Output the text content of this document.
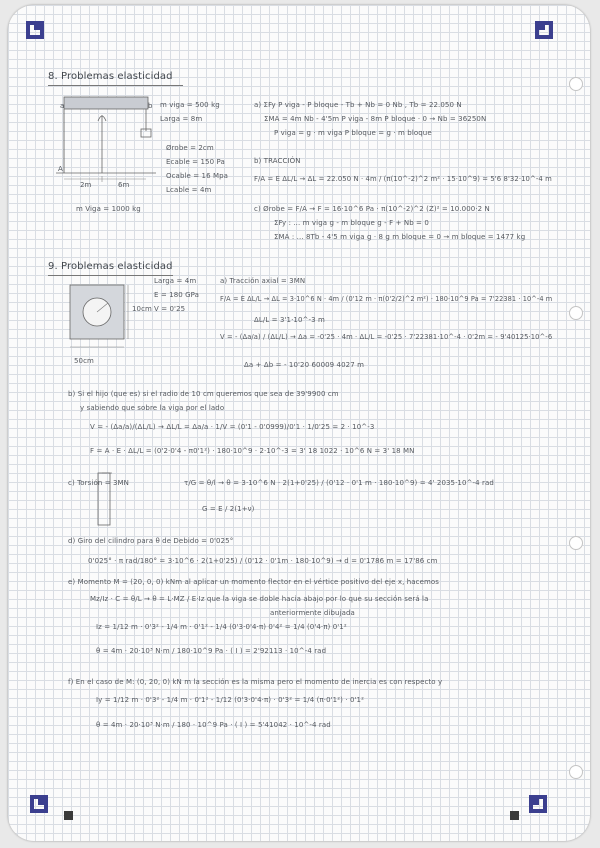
8. Problemas elasticidad
a	b
A
2m	6m
m Viga = 1000 kg
m viga = 500 kg
Larga = 8m
Ørobe = 2cm
Ecable = 150 Pa
Ocable = 16 Mpa
Lcable = 4m
a) ΣFy P viga - P bloque - Tb + Nb = 0 Nb , Tb = 22.050 N
ΣMA = 4m Nb - 4'5m P viga - 8m P bloque · 0 → Nb = 36250N
P viga = g · m viga P bloque = g · m bloque
b) TRACCIÓN
F/A = E ΔL/L → ΔL = 22.050 N · 4m / (π(10^-2)^2 m² · 15·10^9) = 5'6 8'32·10^-4 m
c) Ørobe = F/A → F = 16·10^6 Pa · π(10^-2)^2 (Z)² = 10.000·2 N
ΣFy : ... m viga g - m bloque g - F + Nb = 0
ΣMA : ... 8Tb - 4'5 m viga g · 8 g m bloque = 0 → m bloque = 1477 kg
9. Problemas elasticidad
10cm
50cm
Larga = 4m
E = 180 GPa
V = 0'25
a) Tracción axial = 3MN
F/A = E ΔL/L → ΔL = 3·10^6 N · 4m / (0'12 m · π(0'2/2)^2 m²) · 180·10^9 Pa = 7'22381 · 10^-4 m
ΔL/L = 3'1·10^-3 m
V = - (Δa/a) / (ΔL/L) → Δa = -0'25 · 4m · ΔL/L = -0'25 · 7'22381·10^-4 · 0'2m = - 9'40125·10^-6
Δa + Δb = - 10'20 60009 4027 m
b) Si el hijo (que es) si el radio de 10 cm queremos que sea de 39'9900 cm
y sabiendo que sobre la viga por el lado
V = - (Δa/a)/(ΔL/L) → ΔL/L = Δa/a · 1/V = (0'1 - 0'0999)/0'1 · 1/0'25 = 2 · 10^-3
F = A · E · ΔL/L = (0'2·0'4 - π0'1²) · 180·10^9 · 2·10^-3 = 3' 18 1022 · 10^6 N = 3' 18 MN
c) Torsión = 3MN	τ/G = θ/l → θ = 3·10^6 N · 2(1+0'25) / (0'12 · 0'1 m · 180·10^9) = 4' 2035·10^-4 rad
G = E / 2(1+ν)
d) Giro del cilindro para θ de Debido = 0'025°
0'025° · π rad/180° = 3·10^6 · 2(1+0'25) / (0'12 · 0'1m · 180·10^9) → d = 0'1786 m = 17'86 cm
e) Momento M = (20, 0, 0) kNm al aplicar un momento flector en el vértice positivo del eje x, hacemos
Mz/Iz · C = θ/L → θ = L·MZ / E·Iz que la viga se doble hacia abajo por lo que su sección será la
anteriormente dibujada
Iz = 1/12 m · 0'3² - 1/4 m · 0'1² - 1/4 (0'3·0'4·π) 0'4² = 1/4 (0'4·π) 0'1²
θ = 4m · 20·10³ N·m / 180·10^9 Pa · ( I ) = 2'92113 · 10^-4 rad
f) En el caso de M: (0, 20, 0) kN m la sección es la misma pero el momento de inercia es con respecto y
Iy = 1/12 m · 0'3² - 1/4 m · 0'1² - 1/12 (0'3·0'4·π) · 0'3² = 1/4 (π·0'1²) · 0'1²
θ = 4m · 20·10³ N·m / 180 · 10^9 Pa · ( I ) = 5'41042 · 10^-4 rad
